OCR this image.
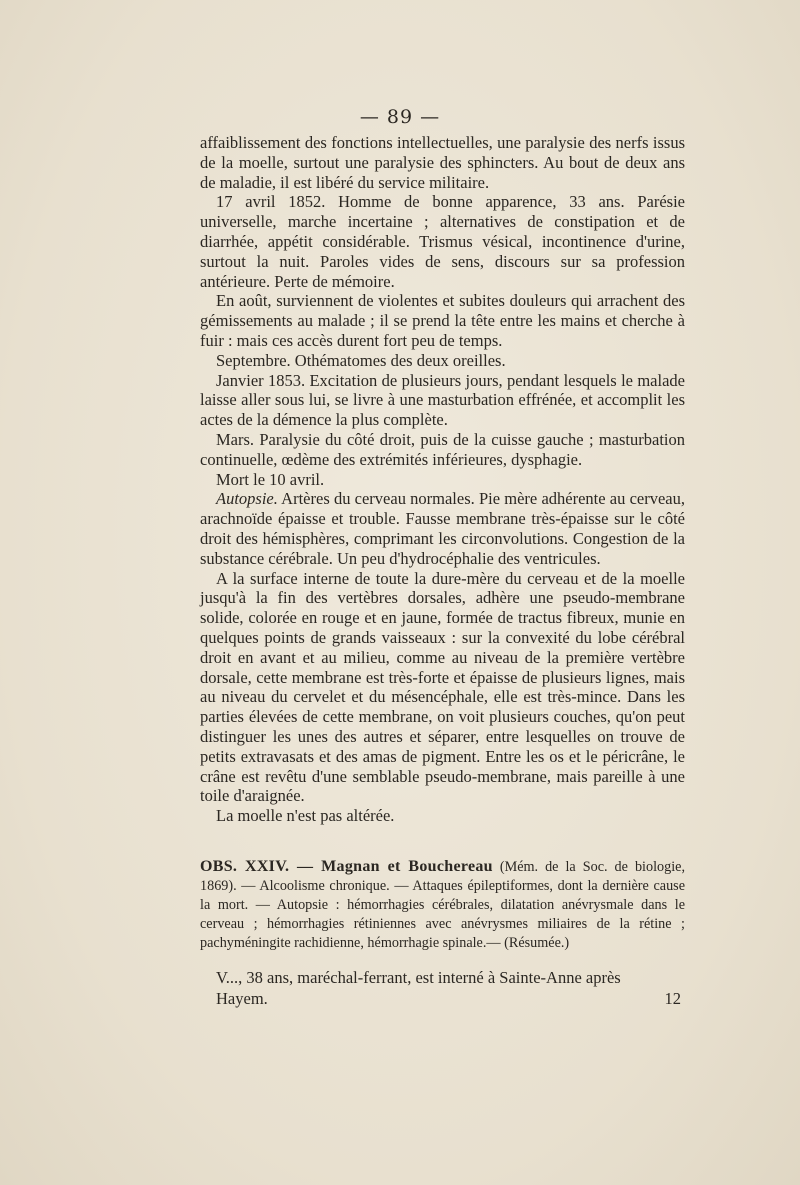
— 89 —

affaiblissement des fonctions intellectuelles, une paralysie des nerfs issus de la moelle, surtout une paralysie des sphincters. Au bout de deux ans de maladie, il est libéré du service militaire.

17 avril 1852. Homme de bonne apparence, 33 ans. Parésie universelle, marche incertaine ; alternatives de constipation et de diarrhée, appétit considérable. Trismus vésical, incontinence d'urine, surtout la nuit. Paroles vides de sens, discours sur sa profession antérieure. Perte de mémoire.

En août, surviennent de violentes et subites douleurs qui arrachent des gémissements au malade ; il se prend la tête entre les mains et cherche à fuir : mais ces accès durent fort peu de temps.

Septembre. Othématomes des deux oreilles.

Janvier 1853. Excitation de plusieurs jours, pendant lesquels le malade laisse aller sous lui, se livre à une masturbation effrénée, et accomplit les actes de la démence la plus complète.

Mars. Paralysie du côté droit, puis de la cuisse gauche ; masturbation continuelle, œdème des extrémités inférieures, dysphagie.

Mort le 10 avril.

Autopsie. Artères du cerveau normales. Pie mère adhérente au cerveau, arachnoïde épaisse et trouble. Fausse membrane très-épaisse sur le côté droit des hémisphères, comprimant les circonvolutions. Congestion de la substance cérébrale. Un peu d'hydrocéphalie des ventricules.

A la surface interne de toute la dure-mère du cerveau et de la moelle jusqu'à la fin des vertèbres dorsales, adhère une pseudo-membrane solide, colorée en rouge et en jaune, formée de tractus fibreux, munie en quelques points de grands vaisseaux : sur la convexité du lobe cérébral droit en avant et au milieu, comme au niveau de la première vertèbre dorsale, cette membrane est très-forte et épaisse de plusieurs lignes, mais au niveau du cervelet et du mésencéphale, elle est très-mince. Dans les parties élevées de cette membrane, on voit plusieurs couches, qu'on peut distinguer les unes des autres et séparer, entre lesquelles on trouve de petits extravasats et des amas de pigment. Entre les os et le péricrâne, le crâne est revêtu d'une semblable pseudo-membrane, mais pareille à une toile d'araignée.

La moelle n'est pas altérée.

OBS. XXIV. — Magnan et Bouchereau (Mém. de la Soc. de biologie, 1869). — Alcoolisme chronique. — Attaques épileptiformes, dont la dernière cause la mort. — Autopsie : hémorrhagies cérébrales, dilatation anévrysmale dans le cerveau ; hémorrhagies rétiniennes avec anévrysmes miliaires de la rétine ; pachyméningite rachidienne, hémorrhagie spinale.— (Résumée.)

V..., 38 ans, maréchal-ferrant, est interné à Sainte-Anne après

Hayem.	12
